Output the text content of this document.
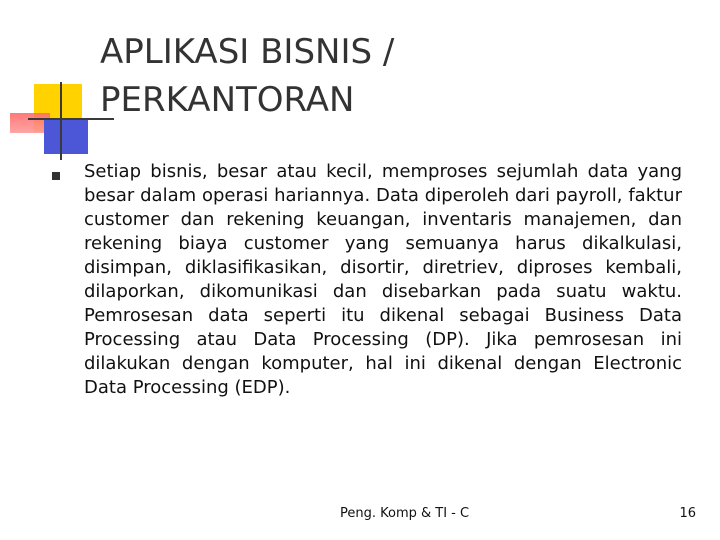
APLIKASI BISNIS /
PERKANTORAN

Setiap bisnis, besar atau kecil, memproses sejumlah data yang besar dalam operasi hariannya. Data diperoleh dari payroll, faktur customer dan rekening keuangan, inventaris manajemen, dan rekening biaya customer yang semuanya harus dikalkulasi, disimpan, diklasifikasikan, disortir, diretriev, diproses kembali, dilaporkan, dikomunikasi dan disebarkan pada suatu waktu. Pemrosesan data seperti itu dikenal sebagai Business Data Processing atau Data Processing (DP). Jika pemrosesan ini dilakukan dengan komputer, hal ini dikenal dengan Electronic Data Processing (EDP).

Peng. Komp & TI - C	16
